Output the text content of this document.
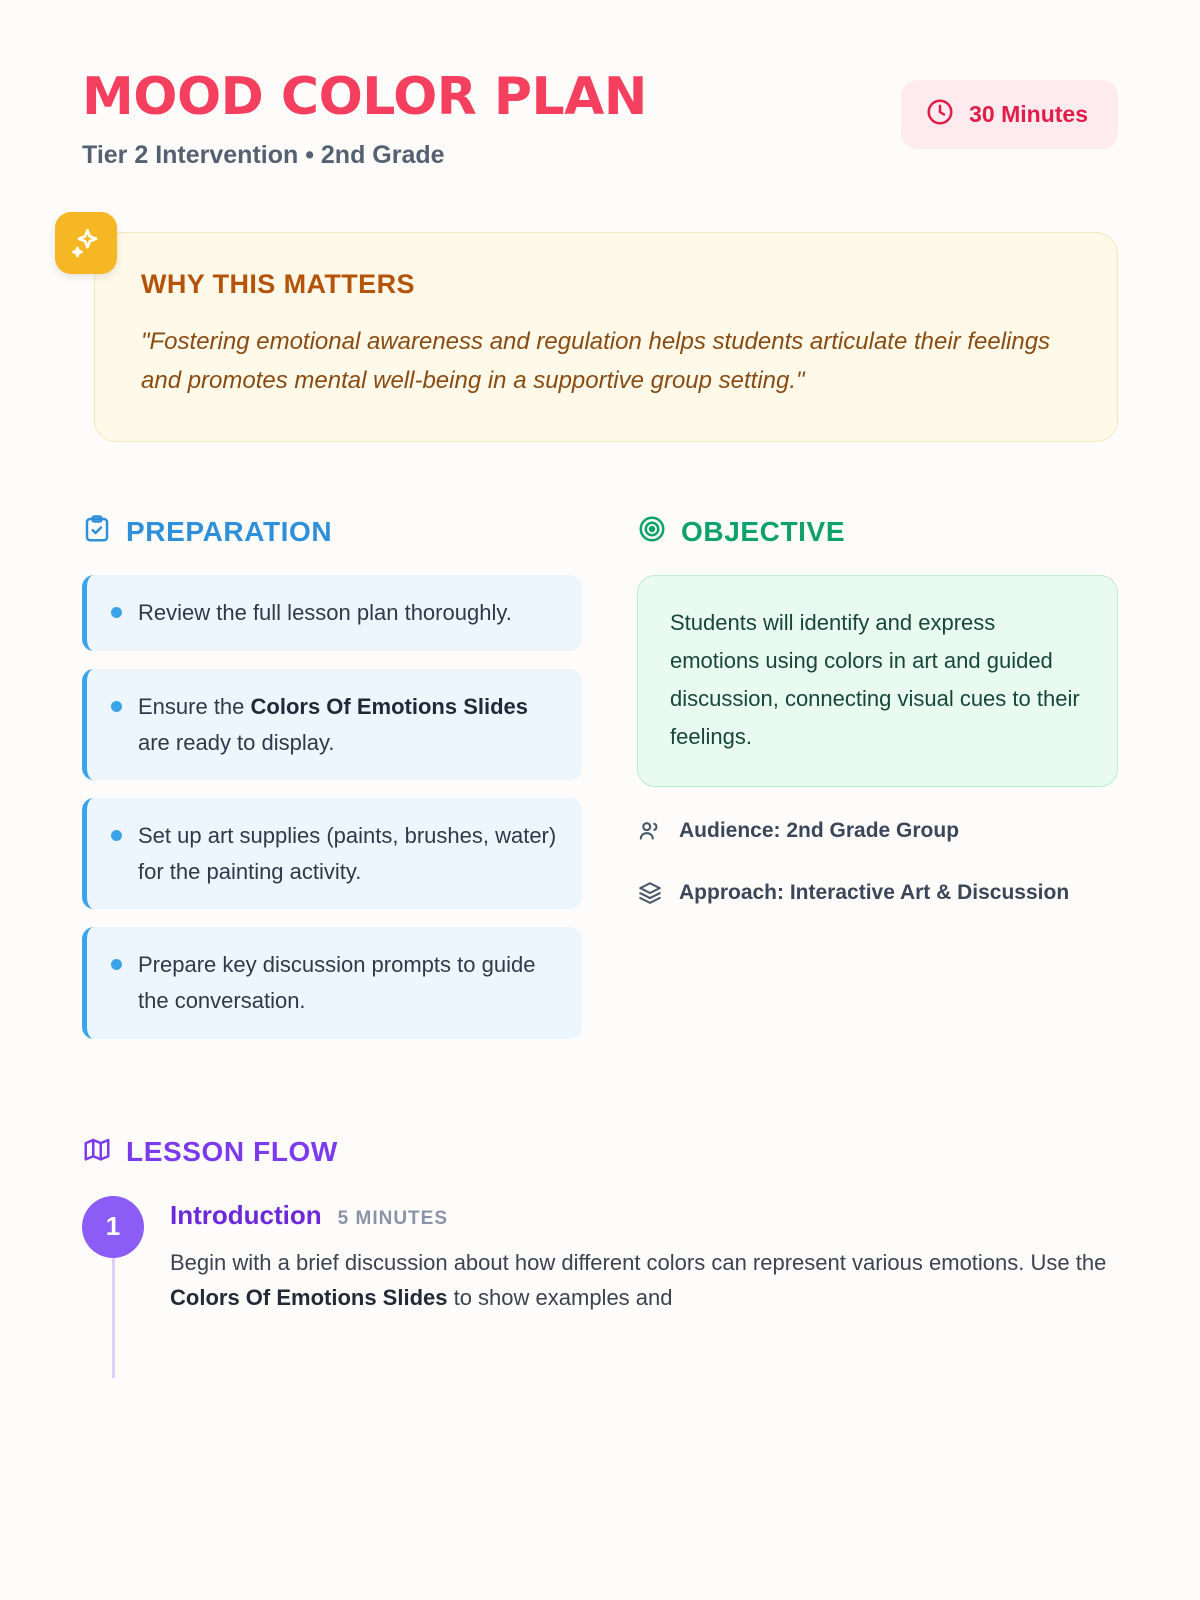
MOOD COLOR PLAN
Tier 2 Intervention • 2nd Grade
30 Minutes
WHY THIS MATTERS
"Fostering emotional awareness and regulation helps students articulate their feelings and promotes mental well-being in a supportive group setting."
PREPARATION
Review the full lesson plan thoroughly.
Ensure the Colors Of Emotions Slides are ready to display.
Set up art supplies (paints, brushes, water) for the painting activity.
Prepare key discussion prompts to guide the conversation.
OBJECTIVE
Students will identify and express emotions using colors in art and guided discussion, connecting visual cues to their feelings.
Audience: 2nd Grade Group
Approach: Interactive Art & Discussion
LESSON FLOW
1	Introduction 5 MINUTES
Begin with a brief discussion about how different colors can represent various emotions. Use the Colors Of Emotions Slides to show examples and
